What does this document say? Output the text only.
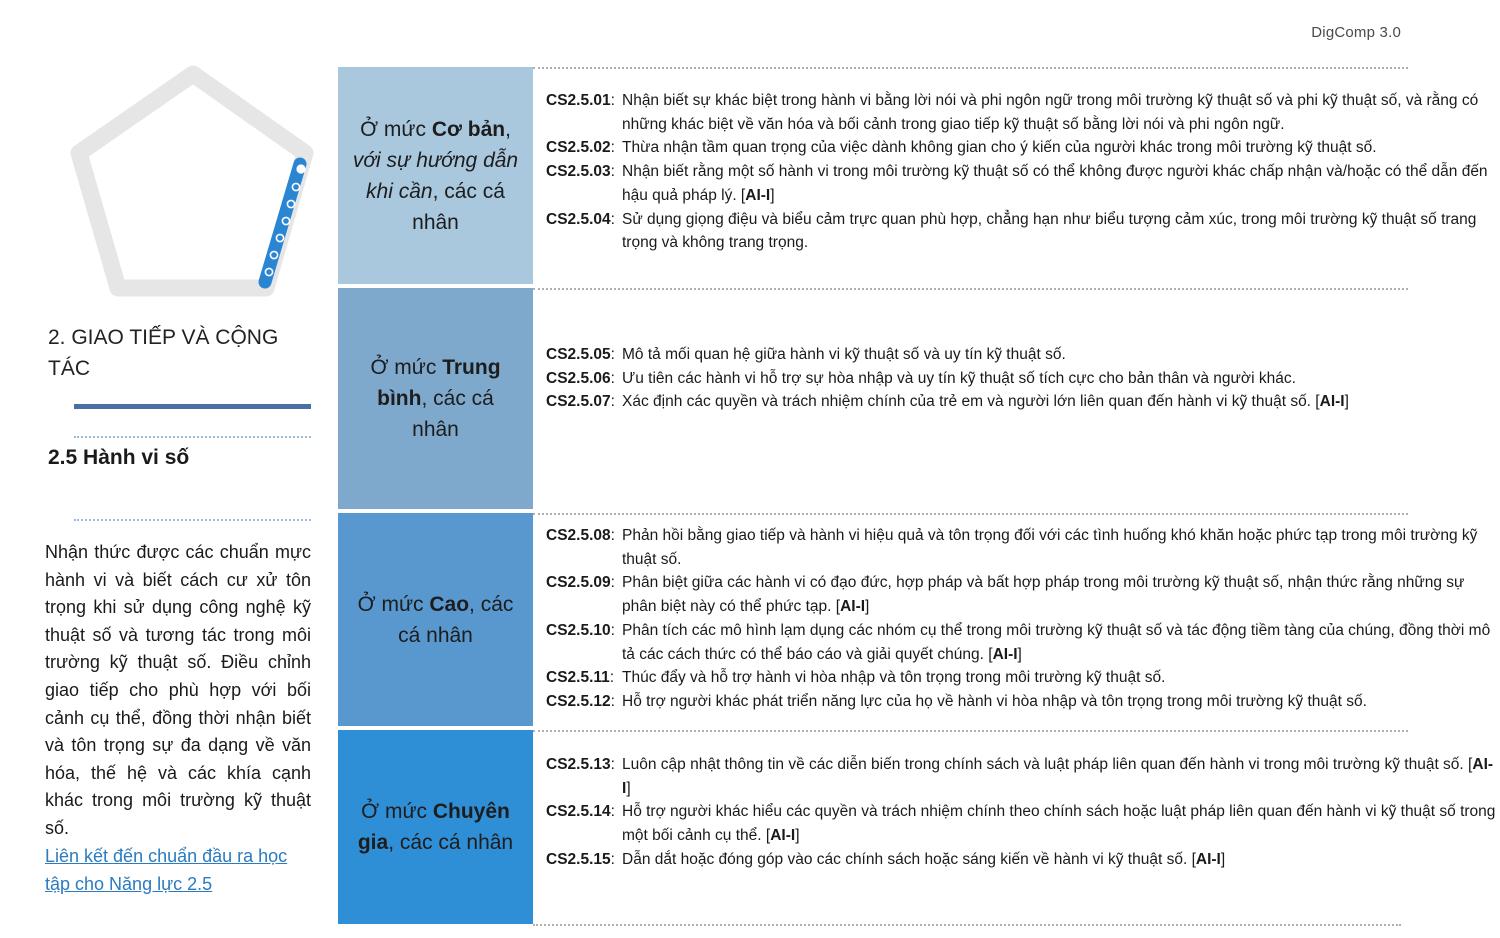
DigComp 3.0
2. GIAO TIẾP VÀ CỘNG TÁC
2.5 Hành vi số

Nhận thức được các chuẩn mực hành vi và biết cách cư xử tôn trọng khi sử dụng công nghệ kỹ thuật số và tương tác trong môi trường kỹ thuật số. Điều chỉnh giao tiếp cho phù hợp với bối cảnh cụ thể, đồng thời nhận biết và tôn trọng sự đa dạng về văn hóa, thế hệ và các khía cạnh khác trong môi trường kỹ thuật số.

Liên kết đến chuẩn đầu ra học tập cho Năng lực 2.5
Ở mức Cơ bản, với sự hướng dẫn khi cần, các cá nhân
CS2.5.01: Nhận biết sự khác biệt trong hành vi bằng lời nói và phi ngôn ngữ trong môi trường kỹ thuật số và phi kỹ thuật số, và rằng có những khác biệt về văn hóa và bối cảnh trong giao tiếp kỹ thuật số bằng lời nói và phi ngôn ngữ.
CS2.5.02: Thừa nhận tầm quan trọng của việc dành không gian cho ý kiến của người khác trong môi trường kỹ thuật số.
CS2.5.03: Nhận biết rằng một số hành vi trong môi trường kỹ thuật số có thể không được người khác chấp nhận và/hoặc có thể dẫn đến hậu quả pháp lý. [AI-I]
CS2.5.04: Sử dụng giọng điệu và biểu cảm trực quan phù hợp, chẳng hạn như biểu tượng cảm xúc, trong môi trường kỹ thuật số trang trọng và không trang trọng.
Ở mức Trung bình, các cá nhân
CS2.5.05: Mô tả mối quan hệ giữa hành vi kỹ thuật số và uy tín kỹ thuật số.
CS2.5.06: Ưu tiên các hành vi hỗ trợ sự hòa nhập và uy tín kỹ thuật số tích cực cho bản thân và người khác.
CS2.5.07: Xác định các quyền và trách nhiệm chính của trẻ em và người lớn liên quan đến hành vi kỹ thuật số. [AI-I]
Ở mức Cao, các cá nhân
CS2.5.08: Phản hồi bằng giao tiếp và hành vi hiệu quả và tôn trọng đối với các tình huống khó khăn hoặc phức tạp trong môi trường kỹ thuật số.
CS2.5.09: Phân biệt giữa các hành vi có đạo đức, hợp pháp và bất hợp pháp trong môi trường kỹ thuật số, nhận thức rằng những sự phân biệt này có thể phức tạp. [AI-I]
CS2.5.10: Phân tích các mô hình lạm dụng các nhóm cụ thể trong môi trường kỹ thuật số và tác động tiềm tàng của chúng, đồng thời mô tả các cách thức có thể báo cáo và giải quyết chúng. [AI-I]
CS2.5.11: Thúc đẩy và hỗ trợ hành vi hòa nhập và tôn trọng trong môi trường kỹ thuật số.
CS2.5.12: Hỗ trợ người khác phát triển năng lực của họ về hành vi hòa nhập và tôn trọng trong môi trường kỹ thuật số.
Ở mức Chuyên gia, các cá nhân
CS2.5.13: Luôn cập nhật thông tin về các diễn biến trong chính sách và luật pháp liên quan đến hành vi trong môi trường kỹ thuật số. [AI-I]
CS2.5.14: Hỗ trợ người khác hiểu các quyền và trách nhiệm chính theo chính sách hoặc luật pháp liên quan đến hành vi kỹ thuật số trong một bối cảnh cụ thể. [AI-I]
CS2.5.15: Dẫn dắt hoặc đóng góp vào các chính sách hoặc sáng kiến về hành vi kỹ thuật số. [AI-I]
